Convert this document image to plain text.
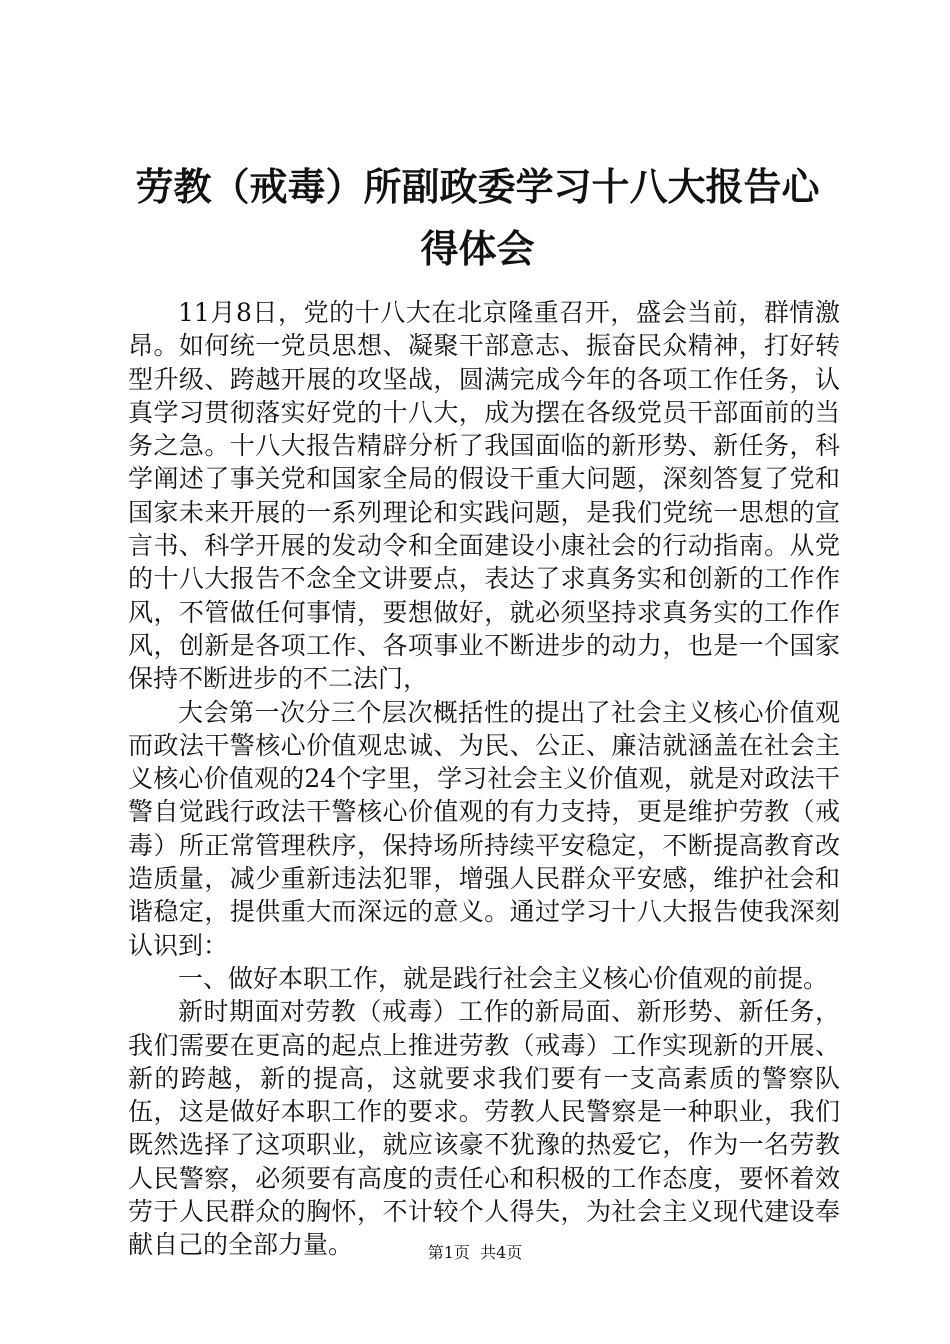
劳教（戒毒）所副政委学习十八大报告心得体会

11月8日，党的十八大在北京隆重召开，盛会当前，群情激昂。如何统一党员思想、凝聚干部意志、振奋民众精神，打好转型升级、跨越开展的攻坚战，圆满完成今年的各项工作任务，认真学习贯彻落实好党的十八大，成为摆在各级党员干部面前的当务之急。十八大报告精辟分析了我国面临的新形势、新任务，科学阐述了事关党和国家全局的假设干重大问题，深刻答复了党和国家未来开展的一系列理论和实践问题，是我们党统一思想的宣言书、科学开展的发动令和全面建设小康社会的行动指南。从党的十八大报告不念全文讲要点，表达了求真务实和创新的工作作风，不管做任何事情，要想做好，就必须坚持求真务实的工作作风，创新是各项工作、各项事业不断进步的动力，也是一个国家保持不断进步的不二法门，

大会第一次分三个层次概括性的提出了社会主义核心价值观而政法干警核心价值观忠诚、为民、公正、廉洁就涵盖在社会主义核心价值观的24个字里，学习社会主义价值观，就是对政法干警自觉践行政法干警核心价值观的有力支持，更是维护劳教（戒毒）所正常管理秩序，保持场所持续平安稳定，不断提高教育改造质量，减少重新违法犯罪，增强人民群众平安感，维护社会和谐稳定，提供重大而深远的意义。通过学习十八大报告使我深刻认识到：

一、做好本职工作，就是践行社会主义核心价值观的前提。

新时期面对劳教（戒毒）工作的新局面、新形势、新任务，我们需要在更高的起点上推进劳教（戒毒）工作实现新的开展、新的跨越，新的提高，这就要求我们要有一支高素质的警察队伍，这是做好本职工作的要求。劳教人民警察是一种职业，我们既然选择了这项职业，就应该豪不犹豫的热爱它，作为一名劳教人民警察，必须要有高度的责任心和积极的工作态度，要怀着效劳于人民群众的胸怀，不计较个人得失，为社会主义现代建设奉献自己的全部力量。	第1页  共4页
